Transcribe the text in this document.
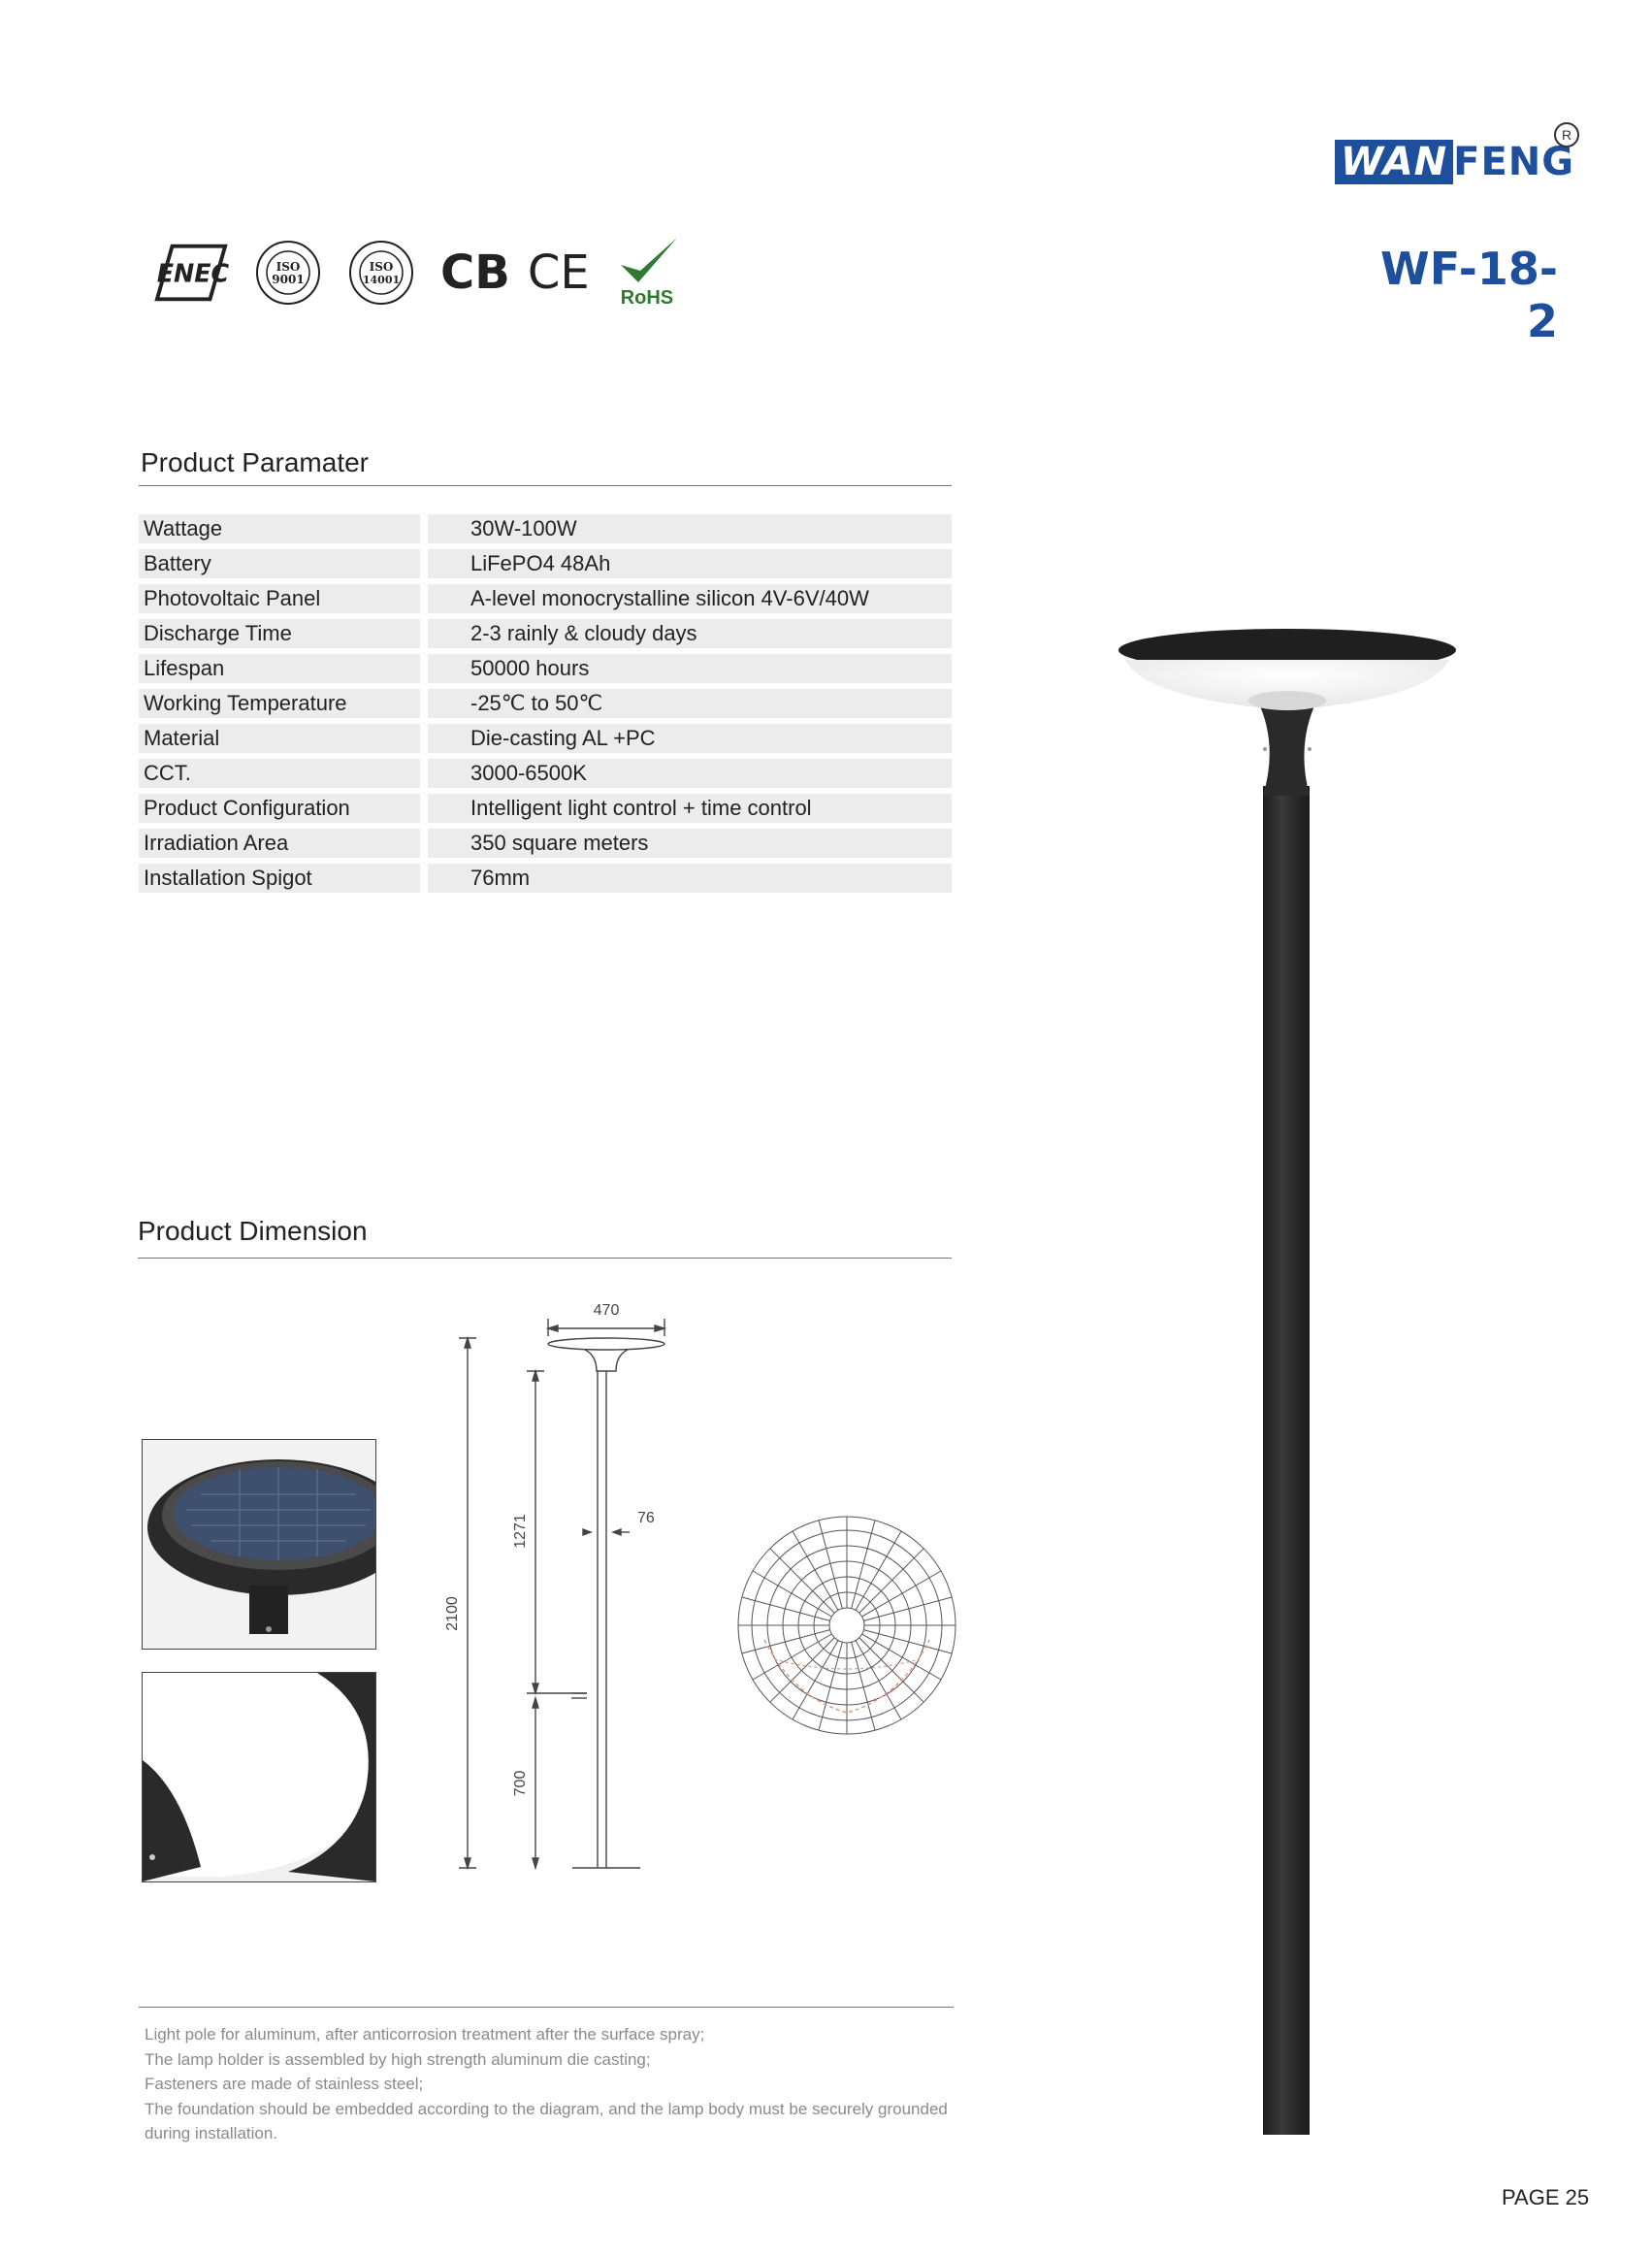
WAN FENG
R
WF-18-2
ENEC	ISO
9001
ISO
14001 CB CE RoHS
Product Paramater
Wattage		30W-100W
Battery		LiFePO4 48Ah
Photovoltaic Panel		A-level monocrystalline silicon 4V-6V/40W
Discharge Time		2-3 rainly & cloudy days
Lifespan		50000 hours
Working Temperature		-25℃ to 50℃
Material		Die-casting AL +PC
CCT.		3000-6500K
Product Configuration		Intelligent light control + time control
Irradiation Area		350 square meters
Installation Spigot		76mm
Product Dimension
470
2100
1271
700
76
Light pole for aluminum, after anticorrosion treatment after the surface spray;
The lamp holder is assembled by high strength aluminum die casting;
Fasteners are made of stainless steel;
The foundation should be embedded according to the diagram, and the lamp body must be securely grounded during installation.
PAGE 25
